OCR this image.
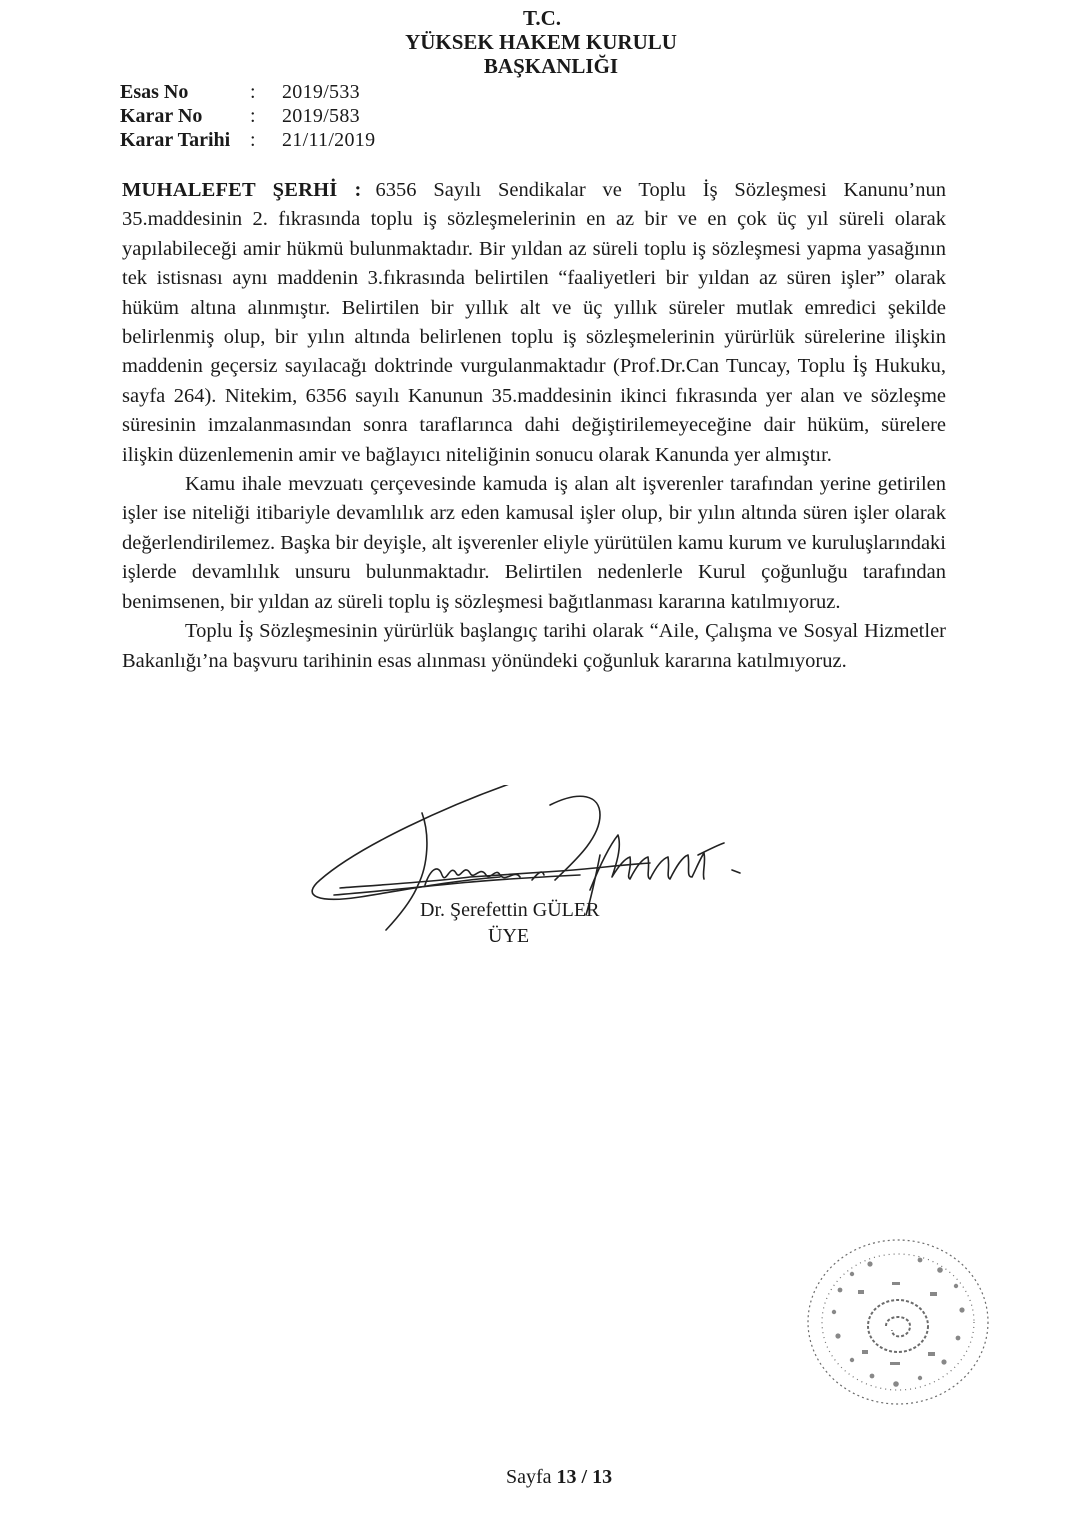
T.C.
YÜKSEK HAKEM KURULU
BAŞKANLIĞI
Esas No	:	2019/533
Karar No	:	2019/583
Karar Tarihi :	21/11/2019

MUHALEFET ŞERHİ : 6356 Sayılı Sendikalar ve Toplu İş Sözleşmesi Kanunu’nun 35.maddesinin 2. fıkrasında toplu iş sözleşmelerinin en az bir ve en çok üç yıl süreli olarak yapılabileceği amir hükmü bulunmaktadır. Bir yıldan az süreli toplu iş sözleşmesi yapma yasağının tek istisnası aynı maddenin 3.fıkrasında belirtilen “faaliyetleri bir yıldan az süren işler” olarak hüküm altına alınmıştır. Belirtilen bir yıllık alt ve üç yıllık süreler mutlak emredici şekilde belirlenmiş olup, bir yılın altında belirlenen toplu iş sözleşmelerinin yürürlük sürelerine ilişkin maddenin geçersiz sayılacağı doktrinde vurgulanmaktadır (Prof.Dr.Can Tuncay, Toplu İş Hukuku, sayfa 264). Nitekim, 6356 sayılı Kanunun 35.maddesinin ikinci fıkrasında yer alan ve sözleşme süresinin imzalanmasından sonra taraflarınca dahi değiştirilemeyeceğine dair hüküm, sürelere ilişkin düzenlemenin amir ve bağlayıcı niteliğinin sonucu olarak Kanunda yer almıştır.

Kamu ihale mevzuatı çerçevesinde kamuda iş alan alt işverenler tarafından yerine getirilen işler ise niteliği itibariyle devamlılık arz eden kamusal işler olup, bir yılın altında süren işler olarak değerlendirilemez. Başka bir deyişle, alt işverenler eliyle yürütülen kamu kurum ve kuruluşlarındaki işlerde devamlılık unsuru bulunmaktadır. Belirtilen nedenlerle Kurul çoğunluğu tarafından benimsenen, bir yıldan az süreli toplu iş sözleşmesi bağıtlanması kararına katılmıyoruz.

Toplu İş Sözleşmesinin yürürlük başlangıç tarihi olarak “Aile, Çalışma ve Sosyal Hizmetler Bakanlığı’na başvuru tarihinin esas alınması yönündeki çoğunluk kararına katılmıyoruz.

Dr. Şerefettin GÜLER
ÜYE
Sayfa 13 / 13
